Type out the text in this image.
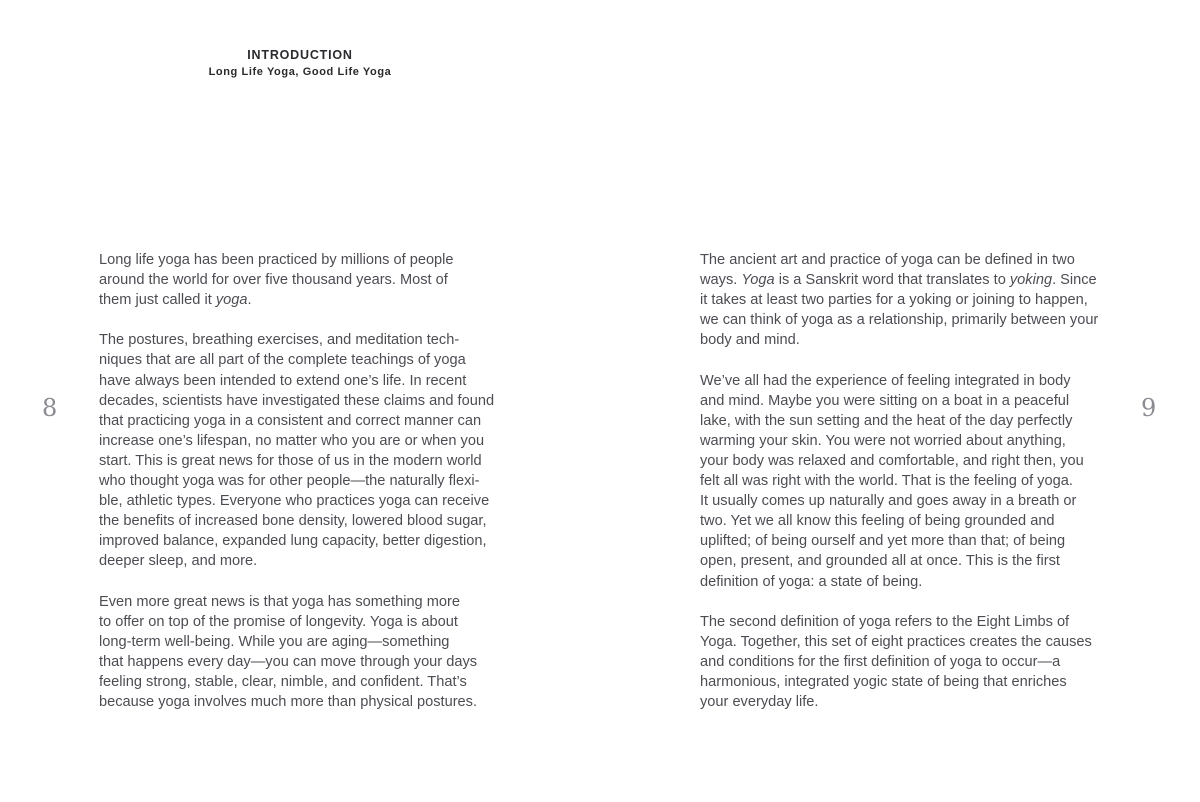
INTRODUCTION
Long Life Yoga, Good Life Yoga
8	9

Long life yoga has been practiced by millions of people
around the world for over five thousand years. Most of
them just called it yoga.

The postures, breathing exercises, and meditation tech-
niques that are all part of the complete teachings of yoga
have always been intended to extend one’s life. In recent
decades, scientists have investigated these claims and found
that practicing yoga in a consistent and correct manner can
increase one’s lifespan, no matter who you are or when you
start. This is great news for those of us in the modern world
who thought yoga was for other people—the naturally flexi-
ble, athletic types. Everyone who practices yoga can receive
the benefits of increased bone density, lowered blood sugar,
improved balance, expanded lung capacity, better digestion,
deeper sleep, and more.

Even more great news is that yoga has something more
to offer on top of the promise of longevity. Yoga is about
long-term well-being. While you are aging—something
that happens every day—you can move through your days
feeling strong, stable, clear, nimble, and confident. That’s
because yoga involves much more than physical postures.

The ancient art and practice of yoga can be defined in two
ways. Yoga is a Sanskrit word that translates to yoking. Since
it takes at least two parties for a yoking or joining to happen,
we can think of yoga as a relationship, primarily between your
body and mind.

We’ve all had the experience of feeling integrated in body
and mind. Maybe you were sitting on a boat in a peaceful
lake, with the sun setting and the heat of the day perfectly
warming your skin. You were not worried about anything,
your body was relaxed and comfortable, and right then, you
felt all was right with the world. That is the feeling of yoga.
It usually comes up naturally and goes away in a breath or
two. Yet we all know this feeling of being grounded and
uplifted; of being ourself and yet more than that; of being
open, present, and grounded all at once. This is the first
definition of yoga: a state of being.

The second definition of yoga refers to the Eight Limbs of
Yoga. Together, this set of eight practices creates the causes
and conditions for the first definition of yoga to occur—a
harmonious, integrated yogic state of being that enriches
your everyday life.
